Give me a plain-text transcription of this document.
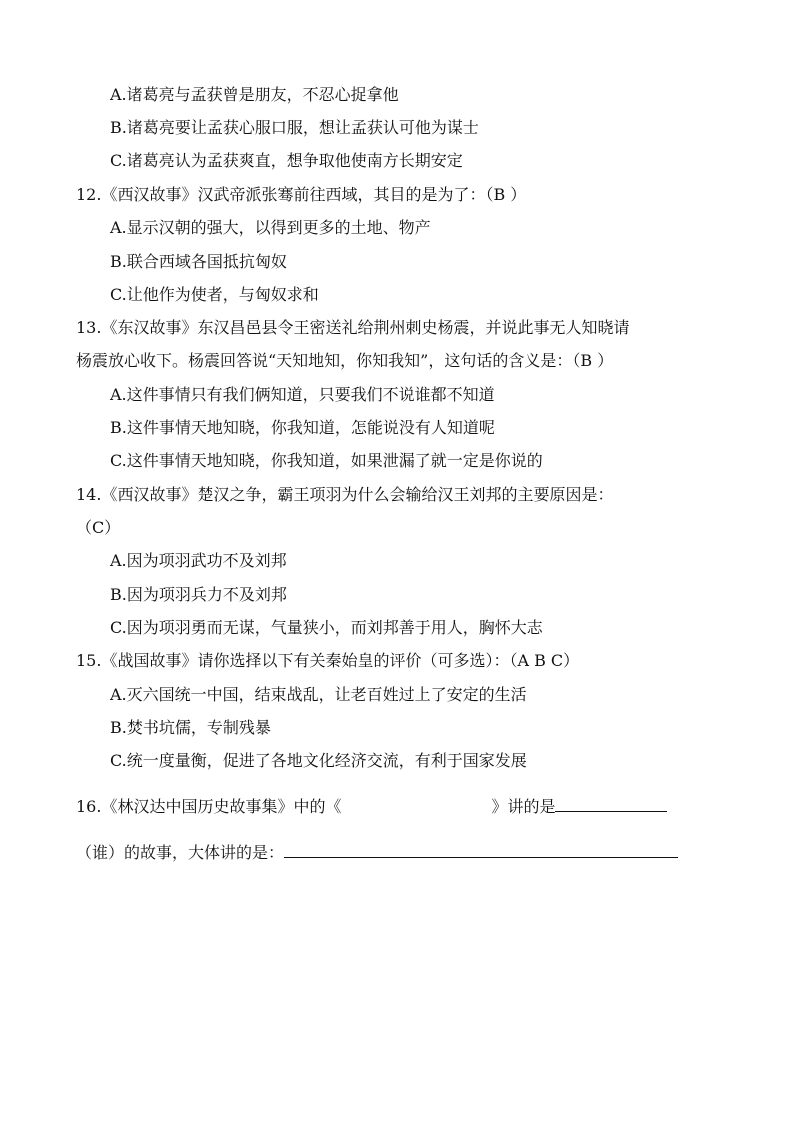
A.诸葛亮与孟获曾是朋友，不忍心捉拿他
B.诸葛亮要让孟获心服口服，想让孟获认可他为谋士
C.诸葛亮认为孟获爽直，想争取他使南方长期安定
12.《西汉故事》汉武帝派张骞前往西域，其目的是为了：（B ）
A.显示汉朝的强大，以得到更多的土地、物产
B.联合西域各国抵抗匈奴
C.让他作为使者，与匈奴求和
13.《东汉故事》东汉昌邑县令王密送礼给荆州刺史杨震，并说此事无人知晓请
杨震放心收下。杨震回答说“天知地知，你知我知”，这句话的含义是：（B ）
A.这件事情只有我们俩知道，只要我们不说谁都不知道
B.这件事情天地知晓，你我知道，怎能说没有人知道呢
C.这件事情天地知晓，你我知道，如果泄漏了就一定是你说的
14.《西汉故事》楚汉之争，霸王项羽为什么会输给汉王刘邦的主要原因是：
（C）
A.因为项羽武功不及刘邦
B.因为项羽兵力不及刘邦
C.因为项羽勇而无谋，气量狭小，而刘邦善于用人，胸怀大志
15.《战国故事》请你选择以下有关秦始皇的评价（可多选）：（A B C）
A.灭六国统一中国，结束战乱，让老百姓过上了安定的生活
B.焚书坑儒，专制残暴
C.统一度量衡，促进了各地文化经济交流，有利于国家发展
16.《林汉达中国历史故事集》中的《	》讲的是
（谁）的故事，大体讲的是：
